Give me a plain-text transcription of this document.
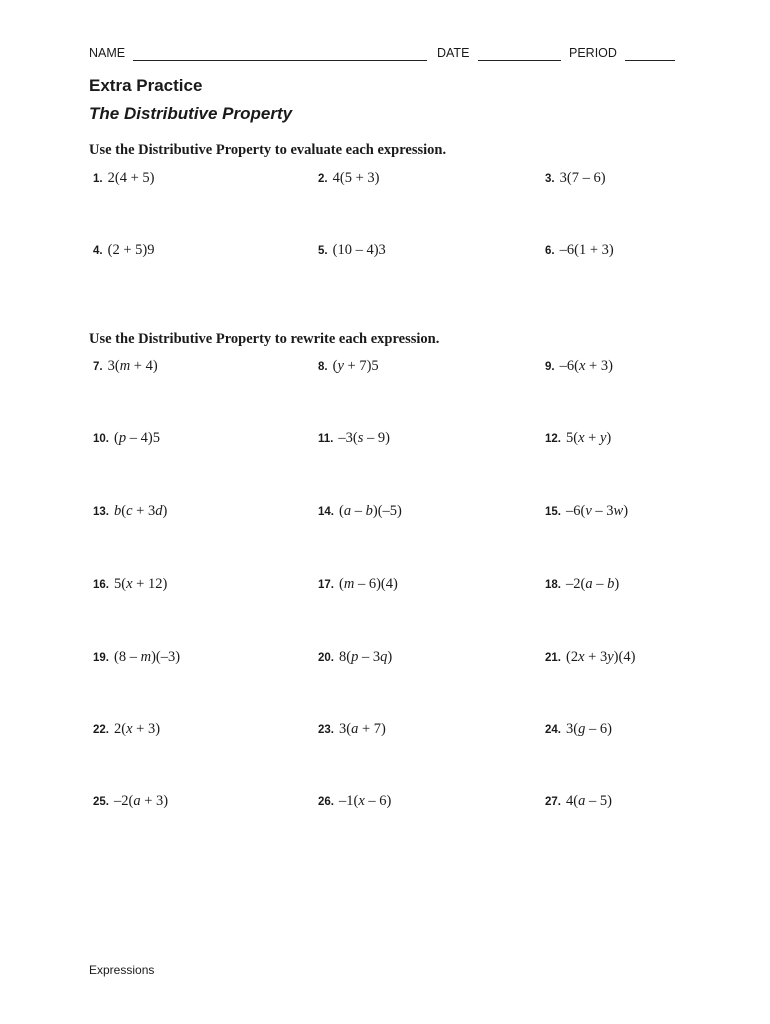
NAME	DATE	PERIOD
Extra Practice
The Distributive Property
Use the Distributive Property to evaluate each expression.
Use the Distributive Property to rewrite each expression.
1. 2(4 + 5)	2. 4(5 + 3)	3. 3(7 – 6)
4. (2 + 5)9	5. (10 – 4)3	6. –6(1 + 3)
7. 3(m + 4)	8. (y + 7)5	9. –6(x + 3)
10. (p – 4)5	11. –3(s – 9)	12. 5(x + y)
13. b(c + 3d)	14. (a – b)(–5)	15. –6(v – 3w)
16. 5(x + 12)	17. (m – 6)(4)	18. –2(a – b)
19. (8 – m)(–3)	20. 8(p – 3q)	21. (2x + 3y)(4)
22. 2(x + 3)	23. 3(a + 7)	24. 3(g – 6)
25. –2(a + 3)	26. –1(x – 6)	27. 4(a – 5)
Expressions
